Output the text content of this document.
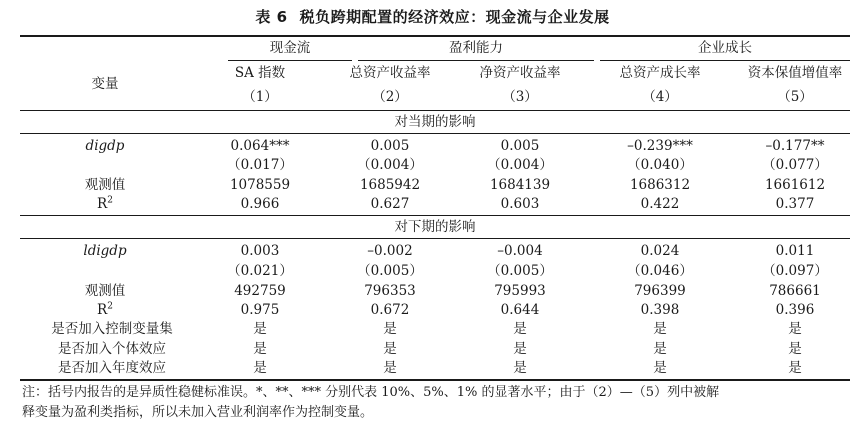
表 6 税负跨期配置的经济效应：现金流与企业发展
变量
现金流	盈利能力	企业成长
SA 指数	总资产收益率	净资产收益率	总资产成长率	资本保值增值率
（1）	（2）	（3）	（4）	（5）
对当期的影响
digdp	0.064***	0.005	0.005	–0.239***	–0.177**
（0.017）	（0.004）	（0.004）	（0.040）	（0.077）
观测值	1078559	1685942	1684139	1686312	1661612
$R^2$	0.966	0.627	0.603	0.422	0.377
对下期的影响
ldigdp	0.003	–0.002	–0.004	0.024	0.011
（0.021）	（0.005）	（0.005）	（0.046）	（0.097）
观测值	492759	796353	795993	796399	786661
$R^2$	0.975	0.672	0.644	0.398	0.396
是否加入控制变量集	是	是	是	是	是
是否加入个体效应	是	是	是	是	是
是否加入年度效应	是	是	是	是	是
注：括号内报告的是异质性稳健标准误。*、**、*** 分别代表 10%、5%、1% 的显著水平；由于（2）—（5）列中被解
释变量为盈利类指标，所以未加入营业利润率作为控制变量。
